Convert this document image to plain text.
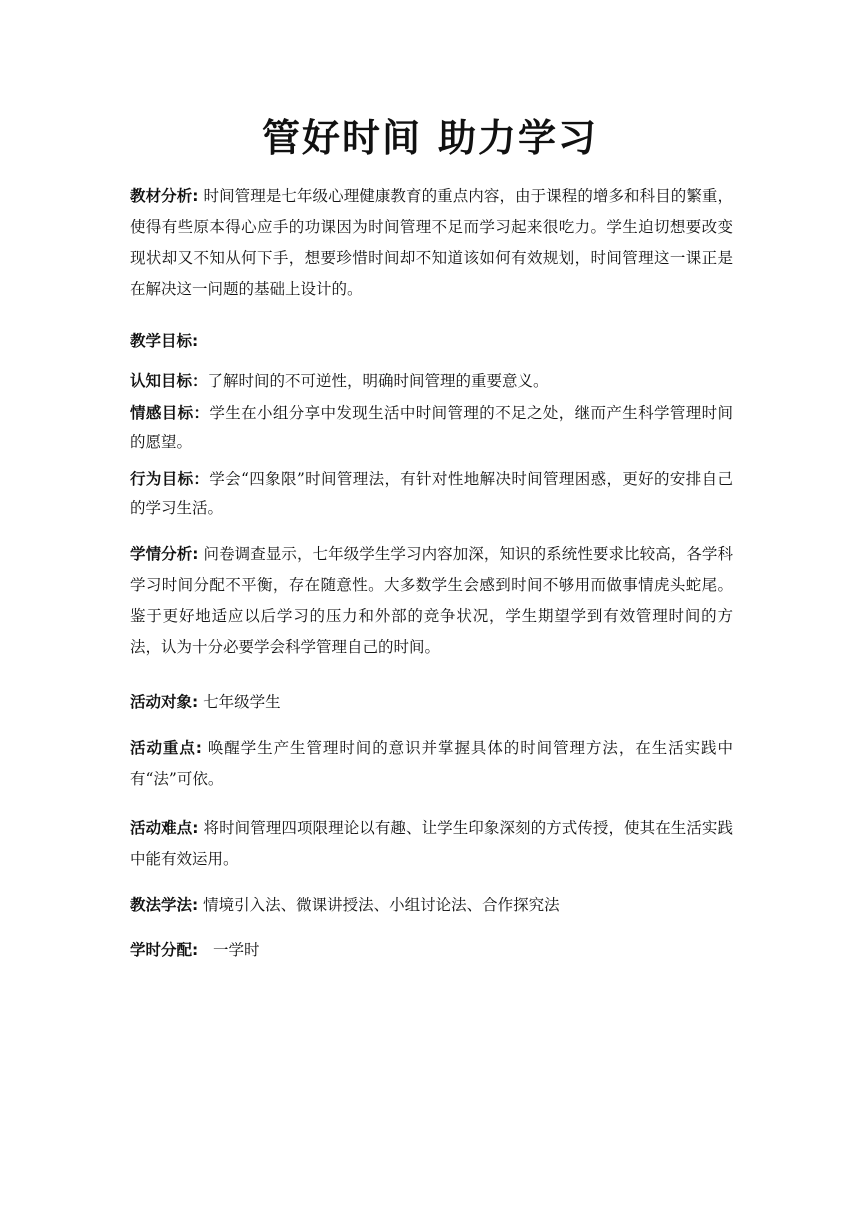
管好时间 助力学习
教材分析: 时间管理是七年级心理健康教育的重点内容，由于课程的增多和科目的繁重，使得有些原本得心应手的功课因为时间管理不足而学习起来很吃力。学生迫切想要改变现状却又不知从何下手，想要珍惜时间却不知道该如何有效规划，时间管理这一课正是在解决这一问题的基础上设计的。
教学目标:
认知目标：了解时间的不可逆性，明确时间管理的重要意义。
情感目标：学生在小组分享中发现生活中时间管理的不足之处，继而产生科学管理时间的愿望。
行为目标：学会“四象限”时间管理法，有针对性地解决时间管理困惑，更好的安排自己的学习生活。
学情分析: 问卷调查显示，七年级学生学习内容加深，知识的系统性要求比较高，各学科学习时间分配不平衡，存在随意性。大多数学生会感到时间不够用而做事情虎头蛇尾。鉴于更好地适应以后学习的压力和外部的竞争状况，学生期望学到有效管理时间的方法，认为十分必要学会科学管理自己的时间。
活动对象: 七年级学生
活动重点: 唤醒学生产生管理时间的意识并掌握具体的时间管理方法，在生活实践中有“法”可依。
活动难点: 将时间管理四项限理论以有趣、让学生印象深刻的方式传授，使其在生活实践中能有效运用。
教法学法: 情境引入法、微课讲授法、小组讨论法、合作探究法
学时分配: 一学时
